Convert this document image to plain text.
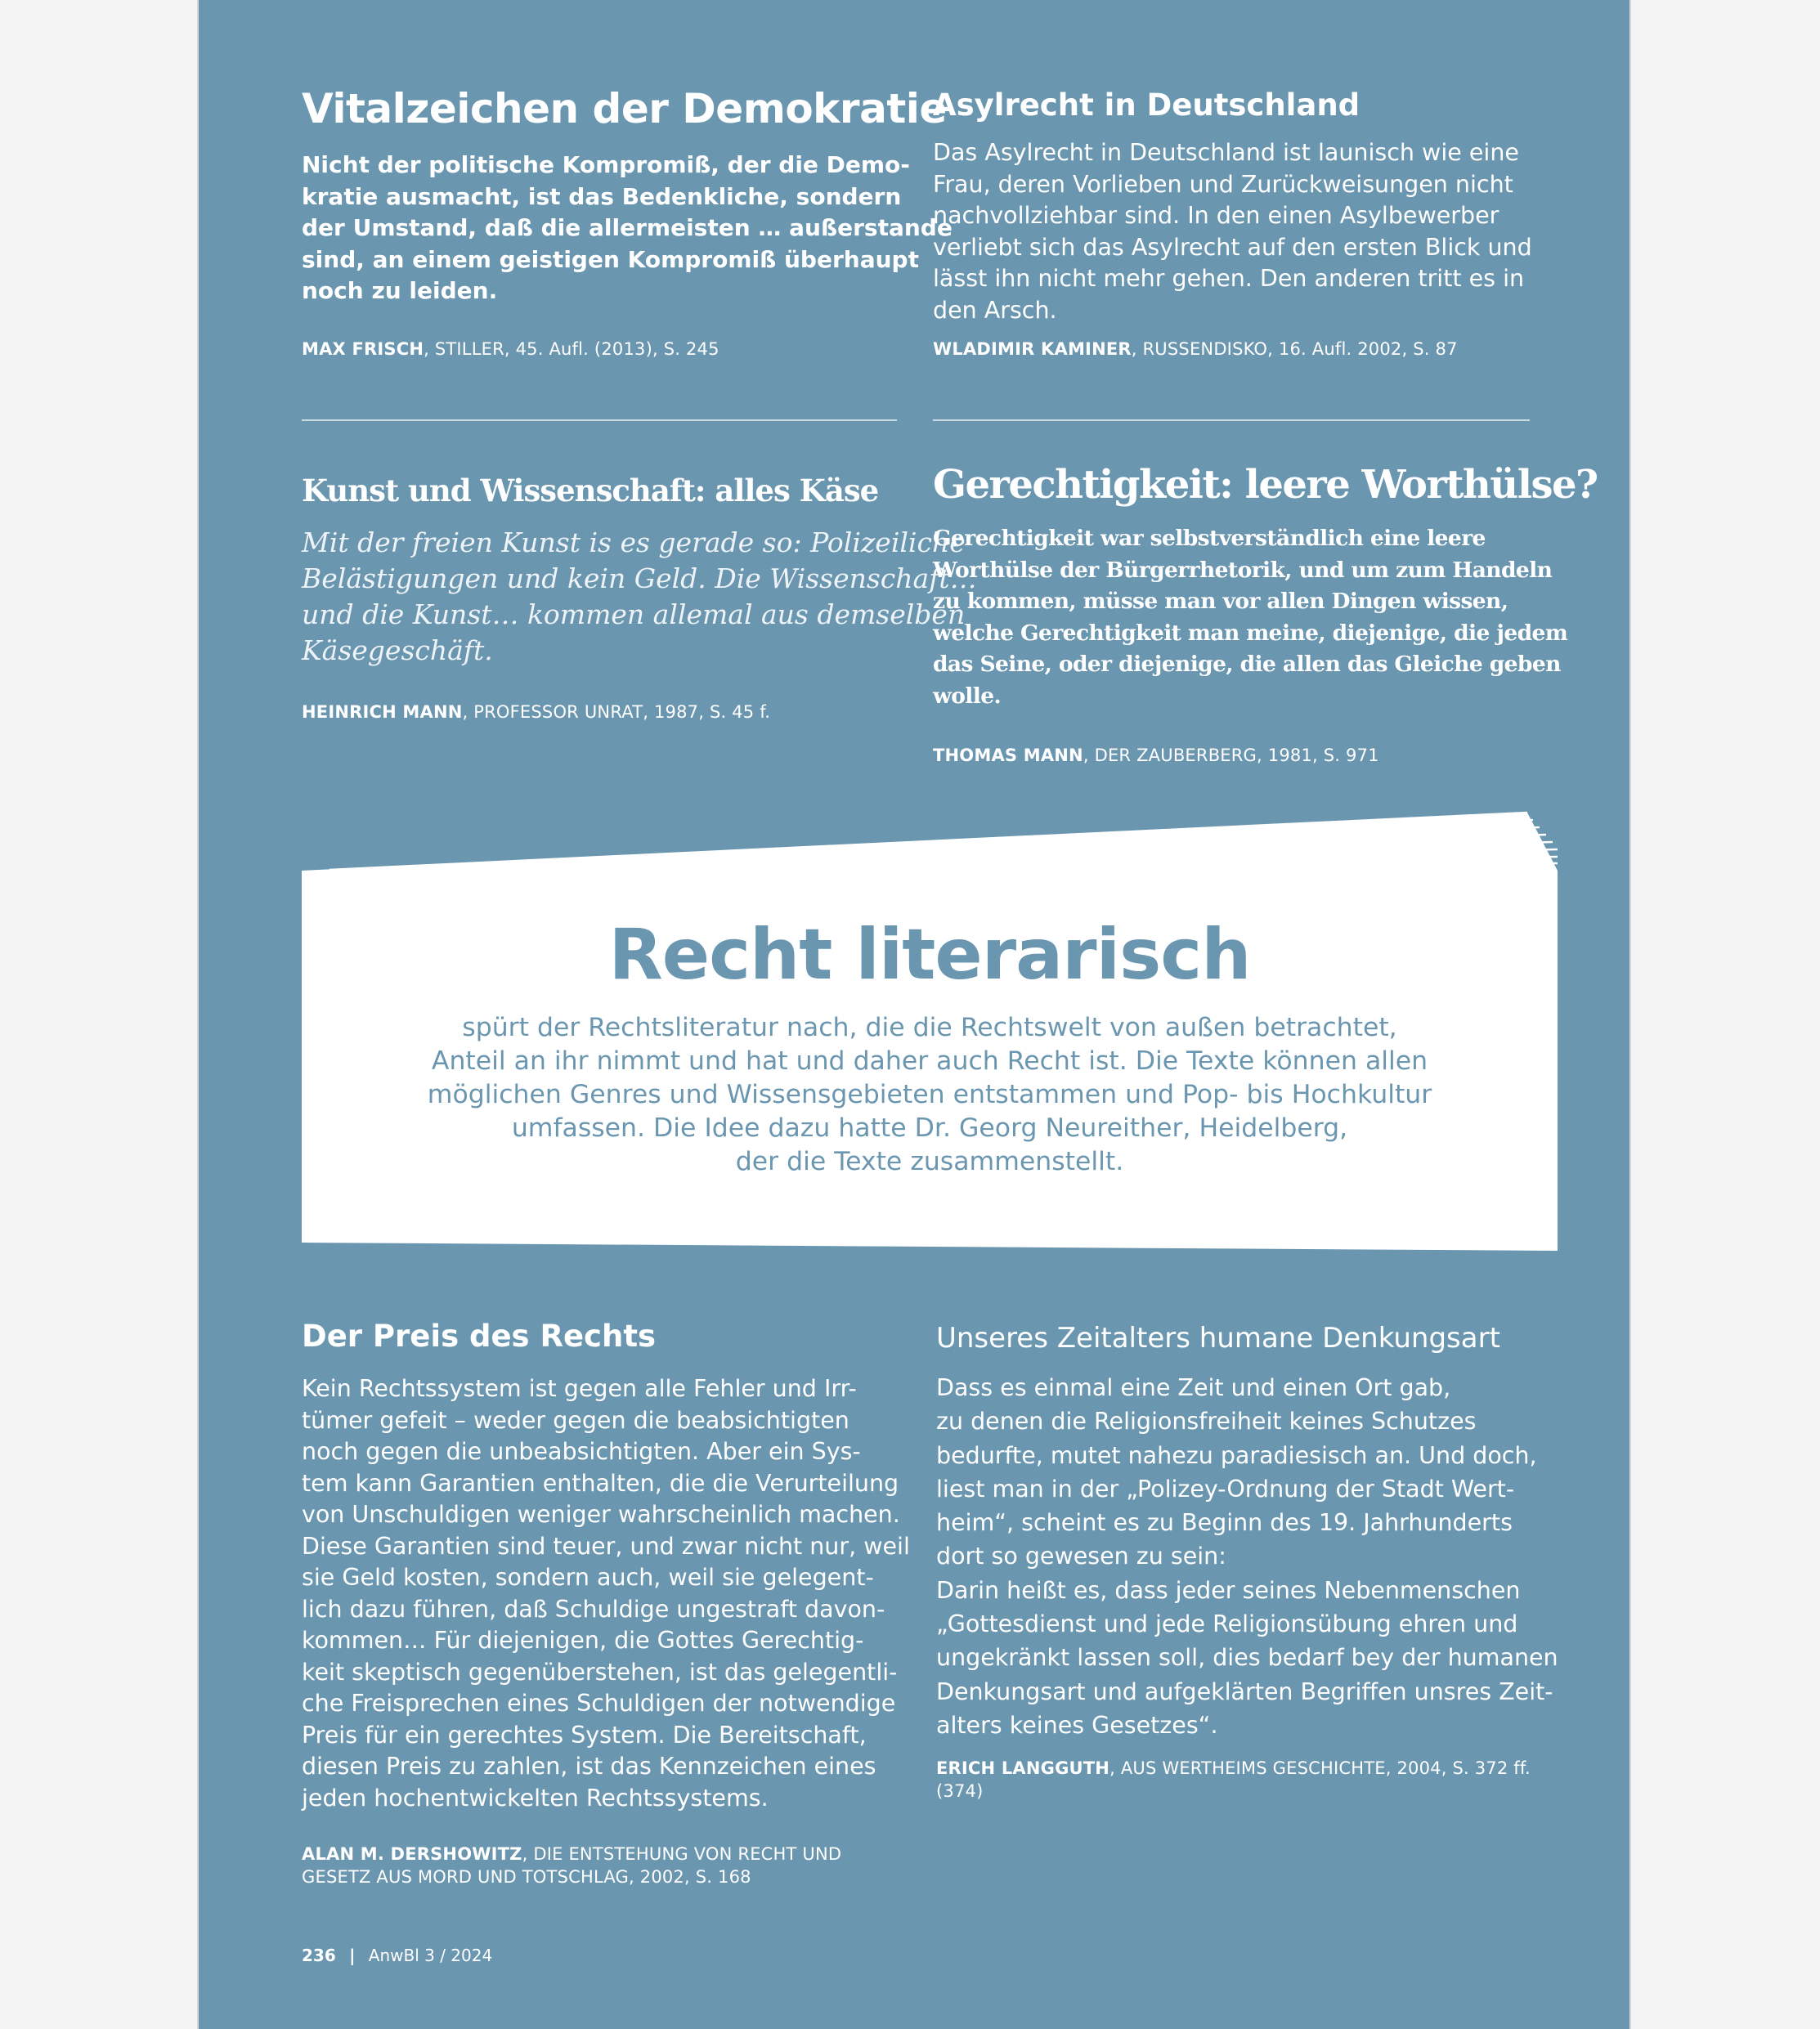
Vitalzeichen der Demokratie
Nicht der politische Kompromiß, der die Demo-
kratie ausmacht, ist das Bedenkliche, sondern
der Umstand, daß die allermeisten … außerstande
sind, an einem geistigen Kompromiß überhaupt
noch zu leiden.
MAX FRISCH, STILLER, 45. Aufl. (2013), S. 245
Asylrecht in Deutschland
Das Asylrecht in Deutschland ist launisch wie eine
Frau, deren Vorlieben und Zurückweisungen nicht
nachvollziehbar sind. In den einen Asylbewerber
verliebt sich das Asylrecht auf den ersten Blick und
lässt ihn nicht mehr gehen. Den anderen tritt es in
den Arsch.
WLADIMIR KAMINER, RUSSENDISKO, 16. Aufl. 2002, S. 87
Kunst und Wissenschaft: alles Käse
Mit der freien Kunst is es gerade so: Polizeiliche
Belästigungen und kein Geld. Die Wissenschaft…
und die Kunst… kommen allemal aus demselben
Käsegeschäft.
HEINRICH MANN, PROFESSOR UNRAT, 1987, S. 45 f.
Gerechtigkeit: leere Worthülse?
Gerechtigkeit war selbstverständlich eine leere
Worthülse der Bürgerrhetorik, und um zum Handeln
zu kommen, müsse man vor allen Dingen wissen,
welche Gerechtigkeit man meine, diejenige, die jedem
das Seine, oder diejenige, die allen das Gleiche geben
wolle.
THOMAS MANN, DER ZAUBERBERG, 1981, S. 971
Recht literarisch
spürt der Rechtsliteratur nach, die die Rechtswelt von außen betrachtet,
Anteil an ihr nimmt und hat und daher auch Recht ist. Die Texte können allen
möglichen Genres und Wissensgebieten entstammen und Pop- bis Hochkultur
umfassen. Die Idee dazu hatte Dr. Georg Neureither, Heidelberg,
der die Texte zusammenstellt.
Der Preis des Rechts
Kein Rechtssystem ist gegen alle Fehler und Irr-
tümer gefeit – weder gegen die beabsichtigten
noch gegen die unbeabsichtigten. Aber ein Sys-
tem kann Garantien enthalten, die die Verurteilung
von Unschuldigen weniger wahrscheinlich machen.
Diese Garantien sind teuer, und zwar nicht nur, weil
sie Geld kosten, sondern auch, weil sie gelegent-
lich dazu führen, daß Schuldige ungestraft davon-
kommen… Für diejenigen, die Gottes Gerechtig-
keit skeptisch gegenüberstehen, ist das gelegentli-
che Freisprechen eines Schuldigen der notwendige
Preis für ein gerechtes System. Die Bereitschaft,
diesen Preis zu zahlen, ist das Kennzeichen eines
jeden hochentwickelten Rechtssystems.
ALAN M. DERSHOWITZ, DIE ENTSTEHUNG VON RECHT UND
GESETZ AUS MORD UND TOTSCHLAG, 2002, S. 168
Unseres Zeitalters humane Denkungsart
Dass es einmal eine Zeit und einen Ort gab,
zu denen die Religionsfreiheit keines Schutzes
bedurfte, mutet nahezu paradiesisch an. Und doch,
liest man in der „Polizey-Ordnung der Stadt Wert-
heim“, scheint es zu Beginn des 19. Jahrhunderts
dort so gewesen zu sein:
Darin heißt es, dass jeder seines Nebenmenschen
„Gottesdienst und jede Religionsübung ehren und
ungekränkt lassen soll, dies bedarf bey der humanen
Denkungsart und aufgeklärten Begriffen unsres Zeit-
alters keines Gesetzes“.
ERICH LANGGUTH, AUS WERTHEIMS GESCHICHTE, 2004, S. 372 ff.
(374)
236 | AnwBl 3 / 2024
